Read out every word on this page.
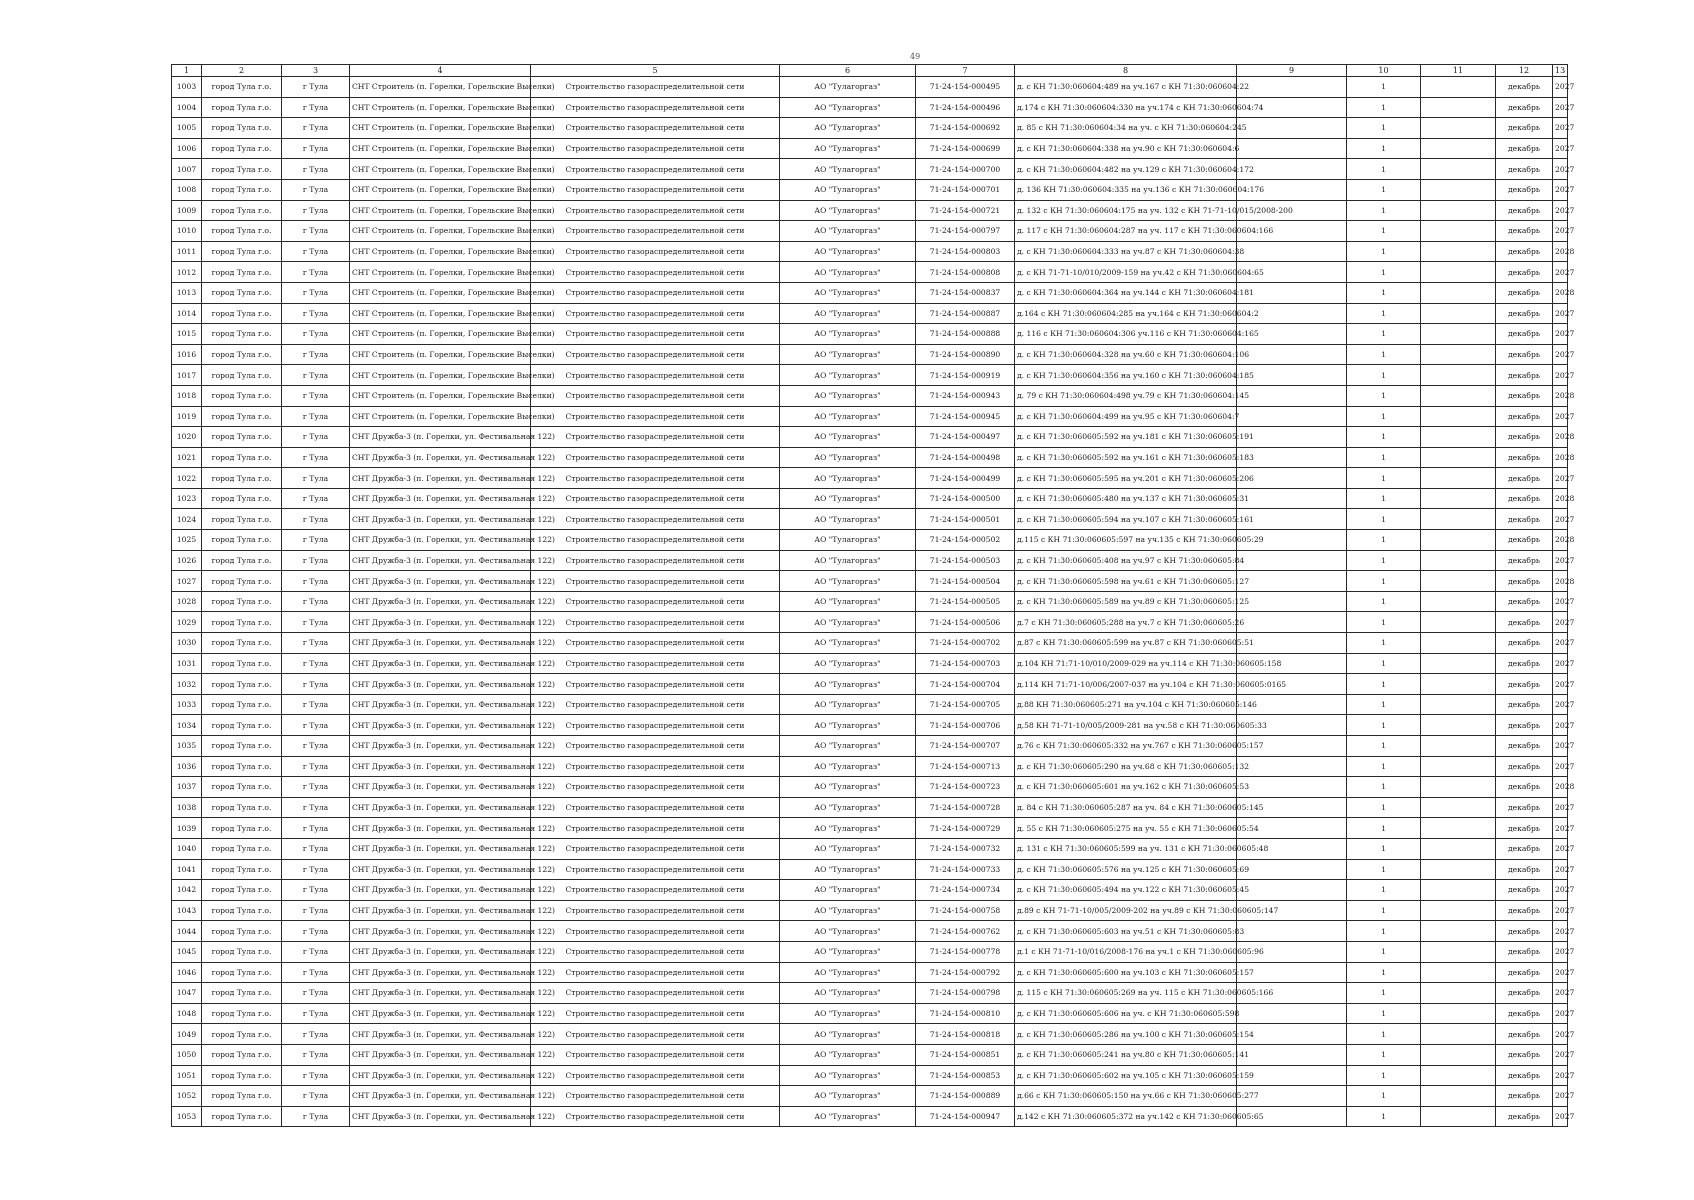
49
1	2	3	4	5	6	7	8	9	10	11	12	13
1003	город Тула г.о.	г Тула	СНТ Строитель (п. Горелки, Горельские Выселки)	Строительство газораспределительной сети	АО "Тулагоргаз"	71-24-154-000495	д. с КН 71:30:060604:489 на уч.167 с КН 71:30:060604:22		1		декабрь	2027
1004	город Тула г.о.	г Тула	СНТ Строитель (п. Горелки, Горельские Выселки)	Строительство газораспределительной сети	АО "Тулагоргаз"	71-24-154-000496	д.174 с КН 71:30:060604:330 на уч.174 с КН 71:30:060604:74		1		декабрь	2027
1005	город Тула г.о.	г Тула	СНТ Строитель (п. Горелки, Горельские Выселки)	Строительство газораспределительной сети	АО "Тулагоргаз"	71-24-154-000692	д. 85 с КН 71:30:060604:34 на уч. с КН 71:30:060604:245		1		декабрь	2027
1006	город Тула г.о.	г Тула	СНТ Строитель (п. Горелки, Горельские Выселки)	Строительство газораспределительной сети	АО "Тулагоргаз"	71-24-154-000699	д. с КН 71:30:060604:338 на уч.90 с КН 71:30:060604:6		1		декабрь	2027
1007	город Тула г.о.	г Тула	СНТ Строитель (п. Горелки, Горельские Выселки)	Строительство газораспределительной сети	АО "Тулагоргаз"	71-24-154-000700	д. с КН 71:30:060604:482 на уч.129 с КН 71:30:060604:172		1		декабрь	2027
1008	город Тула г.о.	г Тула	СНТ Строитель (п. Горелки, Горельские Выселки)	Строительство газораспределительной сети	АО "Тулагоргаз"	71-24-154-000701	д. 136 КН 71:30:060604:335 на уч.136 с КН 71:30:060604:176		1		декабрь	2027
1009	город Тула г.о.	г Тула	СНТ Строитель (п. Горелки, Горельские Выселки)	Строительство газораспределительной сети	АО "Тулагоргаз"	71-24-154-000721	д. 132 с КН 71:30:060604:175 на уч. 132 с КН 71-71-10/015/2008-200		1		декабрь	2027
1010	город Тула г.о.	г Тула	СНТ Строитель (п. Горелки, Горельские Выселки)	Строительство газораспределительной сети	АО "Тулагоргаз"	71-24-154-000797	д. 117 с КН 71:30:060604:287 на уч. 117 с КН 71:30:060604:166		1		декабрь	2027
1011	город Тула г.о.	г Тула	СНТ Строитель (п. Горелки, Горельские Выселки)	Строительство газораспределительной сети	АО "Тулагоргаз"	71-24-154-000803	д. с КН 71:30:060604:333 на уч.87 с КН 71:30:060604:38		1		декабрь	2028
1012	город Тула г.о.	г Тула	СНТ Строитель (п. Горелки, Горельские Выселки)	Строительство газораспределительной сети	АО "Тулагоргаз"	71-24-154-000808	д. с КН 71-71-10/010/2009-159 на уч.42 с КН 71:30:060604:65		1		декабрь	2027
1013	город Тула г.о.	г Тула	СНТ Строитель (п. Горелки, Горельские Выселки)	Строительство газораспределительной сети	АО "Тулагоргаз"	71-24-154-000837	д. с КН 71:30:060604:364 на уч.144 с КН 71:30:060604:181		1		декабрь	2028
1014	город Тула г.о.	г Тула	СНТ Строитель (п. Горелки, Горельские Выселки)	Строительство газораспределительной сети	АО "Тулагоргаз"	71-24-154-000887	д.164 с КН 71:30:060604:285 на уч.164 с КН 71:30:060604:2		1		декабрь	2027
1015	город Тула г.о.	г Тула	СНТ Строитель (п. Горелки, Горельские Выселки)	Строительство газораспределительной сети	АО "Тулагоргаз"	71-24-154-000888	д. 116 с КН 71:30:060604:306 уч.116 с КН 71:30:060604:165		1		декабрь	2027
1016	город Тула г.о.	г Тула	СНТ Строитель (п. Горелки, Горельские Выселки)	Строительство газораспределительной сети	АО "Тулагоргаз"	71-24-154-000890	д. с КН 71:30:060604:328 на уч.60 с КН 71:30:060604:106		1		декабрь	2027
1017	город Тула г.о.	г Тула	СНТ Строитель (п. Горелки, Горельские Выселки)	Строительство газораспределительной сети	АО "Тулагоргаз"	71-24-154-000919	д. с КН 71:30:060604:356 на уч.160 с КН 71:30:060604:185		1		декабрь	2027
1018	город Тула г.о.	г Тула	СНТ Строитель (п. Горелки, Горельские Выселки)	Строительство газораспределительной сети	АО "Тулагоргаз"	71-24-154-000943	д. 79 с КН 71:30:060604:498 уч.79 с КН 71:30:060604:145		1		декабрь	2028
1019	город Тула г.о.	г Тула	СНТ Строитель (п. Горелки, Горельские Выселки)	Строительство газораспределительной сети	АО "Тулагоргаз"	71-24-154-000945	д. с КН 71:30:060604:499 на уч.95 с КН 71:30:060604:7		1		декабрь	2027
1020	город Тула г.о.	г Тула	СНТ Дружба-3 (п. Горелки, ул. Фестивальная 122)	Строительство газораспределительной сети	АО "Тулагоргаз"	71-24-154-000497	д. с КН 71:30:060605:592 на уч.181 с КН 71:30:060605:191		1		декабрь	2028
1021	город Тула г.о.	г Тула	СНТ Дружба-3 (п. Горелки, ул. Фестивальная 122)	Строительство газораспределительной сети	АО "Тулагоргаз"	71-24-154-000498	д. с КН 71:30:060605:592 на уч.161 с КН 71:30:060605:183		1		декабрь	2028
1022	город Тула г.о.	г Тула	СНТ Дружба-3 (п. Горелки, ул. Фестивальная 122)	Строительство газораспределительной сети	АО "Тулагоргаз"	71-24-154-000499	д. с КН 71:30:060605:595 на уч.201 с КН 71:30:060605:206		1		декабрь	2027
1023	город Тула г.о.	г Тула	СНТ Дружба-3 (п. Горелки, ул. Фестивальная 122)	Строительство газораспределительной сети	АО "Тулагоргаз"	71-24-154-000500	д. с КН 71:30:060605:480 на уч.137 с КН 71:30:060605:31		1		декабрь	2028
1024	город Тула г.о.	г Тула	СНТ Дружба-3 (п. Горелки, ул. Фестивальная 122)	Строительство газораспределительной сети	АО "Тулагоргаз"	71-24-154-000501	д. с КН 71:30:060605:594 на уч.107 с КН 71:30:060605:161		1		декабрь	2027
1025	город Тула г.о.	г Тула	СНТ Дружба-3 (п. Горелки, ул. Фестивальная 122)	Строительство газораспределительной сети	АО "Тулагоргаз"	71-24-154-000502	д.115 с КН 71:30:060605:597 на уч.135 с КН 71:30:060605:29		1		декабрь	2028
1026	город Тула г.о.	г Тула	СНТ Дружба-3 (п. Горелки, ул. Фестивальная 122)	Строительство газораспределительной сети	АО "Тулагоргаз"	71-24-154-000503	д. с КН 71:30:060605:408 на уч.97 с КН 71:30:060605:84		1		декабрь	2027
1027	город Тула г.о.	г Тула	СНТ Дружба-3 (п. Горелки, ул. Фестивальная 122)	Строительство газораспределительной сети	АО "Тулагоргаз"	71-24-154-000504	д. с КН 71:30:060605:598 на уч.61 с КН 71:30:060605:127		1		декабрь	2028
1028	город Тула г.о.	г Тула	СНТ Дружба-3 (п. Горелки, ул. Фестивальная 122)	Строительство газораспределительной сети	АО "Тулагоргаз"	71-24-154-000505	д. с КН 71:30:060605:589 на уч.89 с КН 71:30:060605:125		1		декабрь	2027
1029	город Тула г.о.	г Тула	СНТ Дружба-3 (п. Горелки, ул. Фестивальная 122)	Строительство газораспределительной сети	АО "Тулагоргаз"	71-24-154-000506	д.7 с КН 71:30:060605:288 на уч.7 с КН 71:30:060605:26		1		декабрь	2027
1030	город Тула г.о.	г Тула	СНТ Дружба-3 (п. Горелки, ул. Фестивальная 122)	Строительство газораспределительной сети	АО "Тулагоргаз"	71-24-154-000702	д.87 с КН 71:30:060605:599 на уч.87 с КН 71:30:060605:51		1		декабрь	2027
1031	город Тула г.о.	г Тула	СНТ Дружба-3 (п. Горелки, ул. Фестивальная 122)	Строительство газораспределительной сети	АО "Тулагоргаз"	71-24-154-000703	д.104 КН 71:71-10/010/2009-029 на уч.114 с КН 71:30:060605:158		1		декабрь	2027
1032	город Тула г.о.	г Тула	СНТ Дружба-3 (п. Горелки, ул. Фестивальная 122)	Строительство газораспределительной сети	АО "Тулагоргаз"	71-24-154-000704	д.114 КН 71:71-10/006/2007-037 на уч.104 с КН 71:30:060605:0165		1		декабрь	2027
1033	город Тула г.о.	г Тула	СНТ Дружба-3 (п. Горелки, ул. Фестивальная 122)	Строительство газораспределительной сети	АО "Тулагоргаз"	71-24-154-000705	д.88 КН 71:30:060605:271 на уч.104 с КН 71:30:060605:146		1		декабрь	2027
1034	город Тула г.о.	г Тула	СНТ Дружба-3 (п. Горелки, ул. Фестивальная 122)	Строительство газораспределительной сети	АО "Тулагоргаз"	71-24-154-000706	д.58 КН 71-71-10/005/2009-281 на уч.58 с КН 71:30:060605:33		1		декабрь	2027
1035	город Тула г.о.	г Тула	СНТ Дружба-3 (п. Горелки, ул. Фестивальная 122)	Строительство газораспределительной сети	АО "Тулагоргаз"	71-24-154-000707	д.76 с КН 71:30:060605:332 на уч.767 с КН 71:30:060605:157		1		декабрь	2027
1036	город Тула г.о.	г Тула	СНТ Дружба-3 (п. Горелки, ул. Фестивальная 122)	Строительство газораспределительной сети	АО "Тулагоргаз"	71-24-154-000713	д. с КН 71:30:060605:290 на уч.68 с КН 71:30:060605:132		1		декабрь	2027
1037	город Тула г.о.	г Тула	СНТ Дружба-3 (п. Горелки, ул. Фестивальная 122)	Строительство газораспределительной сети	АО "Тулагоргаз"	71-24-154-000723	д. с КН 71:30:060605:601 на уч.162 с КН 71:30:060605:53		1		декабрь	2028
1038	город Тула г.о.	г Тула	СНТ Дружба-3 (п. Горелки, ул. Фестивальная 122)	Строительство газораспределительной сети	АО "Тулагоргаз"	71-24-154-000728	д. 84 с КН 71:30:060605:287 на уч. 84 с КН 71:30:060605:145		1		декабрь	2027
1039	город Тула г.о.	г Тула	СНТ Дружба-3 (п. Горелки, ул. Фестивальная 122)	Строительство газораспределительной сети	АО "Тулагоргаз"	71-24-154-000729	д. 55 с КН 71:30:060605:275 на уч. 55 с КН 71:30:060605:54		1		декабрь	2027
1040	город Тула г.о.	г Тула	СНТ Дружба-3 (п. Горелки, ул. Фестивальная 122)	Строительство газораспределительной сети	АО "Тулагоргаз"	71-24-154-000732	д. 131 с КН 71:30:060605:599 на уч. 131 с КН 71:30:060605:48		1		декабрь	2027
1041	город Тула г.о.	г Тула	СНТ Дружба-3 (п. Горелки, ул. Фестивальная 122)	Строительство газораспределительной сети	АО "Тулагоргаз"	71-24-154-000733	д. с КН 71:30:060605:576 на уч.125 с КН 71:30:060605:69		1		декабрь	2027
1042	город Тула г.о.	г Тула	СНТ Дружба-3 (п. Горелки, ул. Фестивальная 122)	Строительство газораспределительной сети	АО "Тулагоргаз"	71-24-154-000734	д. с КН 71:30:060605:494 на уч.122 с КН 71:30:060605:45		1		декабрь	2027
1043	город Тула г.о.	г Тула	СНТ Дружба-3 (п. Горелки, ул. Фестивальная 122)	Строительство газораспределительной сети	АО "Тулагоргаз"	71-24-154-000758	д.89 с КН 71-71-10/005/2009-202 на уч.89 с КН 71:30:060605:147		1		декабрь	2027
1044	город Тула г.о.	г Тула	СНТ Дружба-3 (п. Горелки, ул. Фестивальная 122)	Строительство газораспределительной сети	АО "Тулагоргаз"	71-24-154-000762	д. с КН 71:30:060605:603 на уч.51 с КН 71:30:060605:83		1		декабрь	2027
1045	город Тула г.о.	г Тула	СНТ Дружба-3 (п. Горелки, ул. Фестивальная 122)	Строительство газораспределительной сети	АО "Тулагоргаз"	71-24-154-000778	д.1 с КН 71-71-10/016/2008-176 на уч.1 с КН 71:30:060605:96		1		декабрь	2027
1046	город Тула г.о.	г Тула	СНТ Дружба-3 (п. Горелки, ул. Фестивальная 122)	Строительство газораспределительной сети	АО "Тулагоргаз"	71-24-154-000792	д. с КН 71:30:060605:600 на уч.103 с КН 71:30:060605:157		1		декабрь	2027
1047	город Тула г.о.	г Тула	СНТ Дружба-3 (п. Горелки, ул. Фестивальная 122)	Строительство газораспределительной сети	АО "Тулагоргаз"	71-24-154-000798	д. 115 с КН 71:30:060605:269 на уч. 115 с КН 71:30:060605:166		1		декабрь	2027
1048	город Тула г.о.	г Тула	СНТ Дружба-3 (п. Горелки, ул. Фестивальная 122)	Строительство газораспределительной сети	АО "Тулагоргаз"	71-24-154-000810	д. с КН 71:30:060605:606 на уч. с КН 71:30:060605:598		1		декабрь	2027
1049	город Тула г.о.	г Тула	СНТ Дружба-3 (п. Горелки, ул. Фестивальная 122)	Строительство газораспределительной сети	АО "Тулагоргаз"	71-24-154-000818	д. с КН 71:30:060605:286 на уч.100 с КН 71:30:060605:154		1		декабрь	2027
1050	город Тула г.о.	г Тула	СНТ Дружба-3 (п. Горелки, ул. Фестивальная 122)	Строительство газораспределительной сети	АО "Тулагоргаз"	71-24-154-000851	д. с КН 71:30:060605:241 на уч.80 с КН 71:30:060605:141		1		декабрь	2027
1051	город Тула г.о.	г Тула	СНТ Дружба-3 (п. Горелки, ул. Фестивальная 122)	Строительство газораспределительной сети	АО "Тулагоргаз"	71-24-154-000853	д. с КН 71:30:060605:602 на уч.105 с КН 71:30:060605:159		1		декабрь	2027
1052	город Тула г.о.	г Тула	СНТ Дружба-3 (п. Горелки, ул. Фестивальная 122)	Строительство газораспределительной сети	АО "Тулагоргаз"	71-24-154-000889	д.66 с КН 71:30:060605:150 на уч.66 с КН 71:30:060605:277		1		декабрь	2027
1053	город Тула г.о.	г Тула	СНТ Дружба-3 (п. Горелки, ул. Фестивальная 122)	Строительство газораспределительной сети	АО "Тулагоргаз"	71-24-154-000947	д.142 с КН 71:30:060605:372 на уч.142 с КН 71:30:060605:65		1		декабрь	2027
